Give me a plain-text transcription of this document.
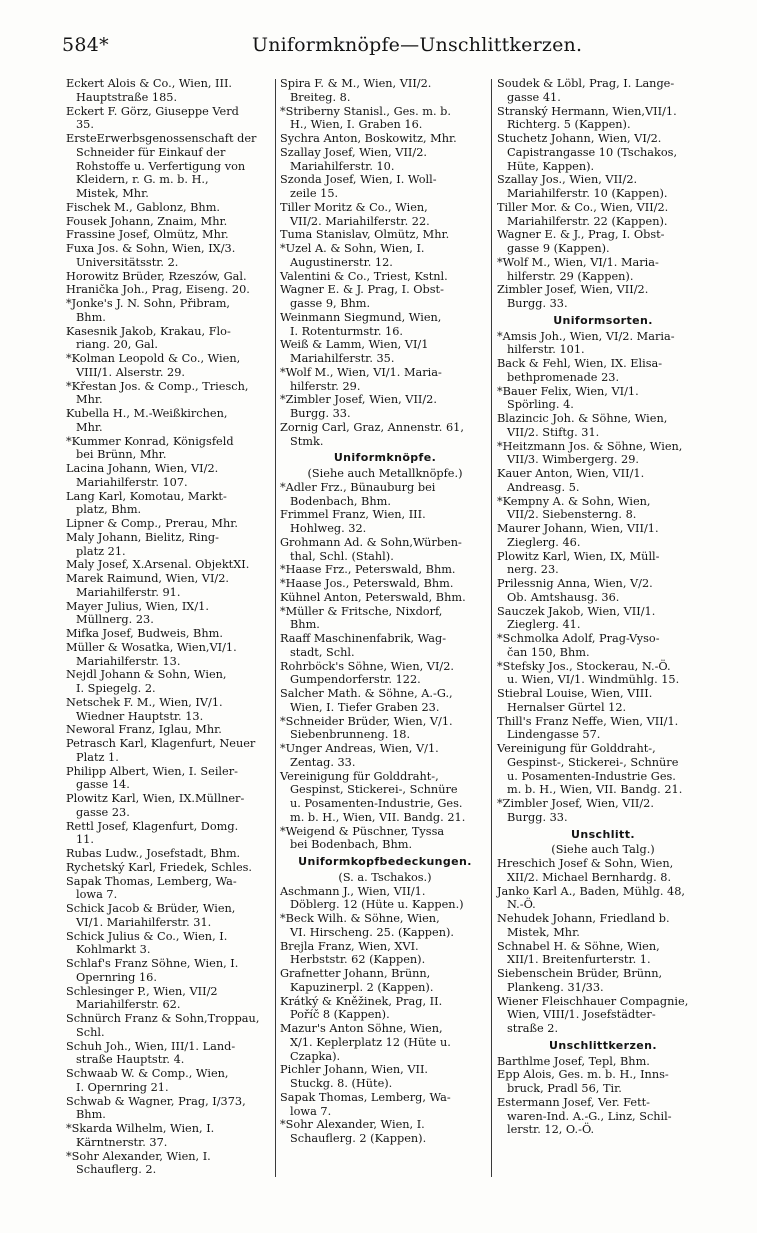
584*	Uniformknöpfe—Unschlittkerzen.
Eckert Alois & Co., Wien, III.
Hauptstraße 185.
Eckert F. Görz, Giuseppe Verd
35.
ErsteErwerbsgenossenschaft der
Schneider für Einkauf der
Rohstoffe u. Verfertigung von
Kleidern, r. G. m. b. H.,
Mistek, Mhr.
Fischek M., Gablonz, Bhm.
Fousek Johann, Znaim, Mhr.
Frassine Josef, Olmütz, Mhr.
Fuxa Jos. & Sohn, Wien, IX/3.
Universitätsstr. 2.
Horowitz Brüder, Rzeszów, Gal.
Hranička Joh., Prag, Eiseng. 20.
*Jonke's J. N. Sohn, Přibram,
Bhm.
Kasesnik Jakob, Krakau, Flo-
riang. 20, Gal.
*Kolman Leopold & Co., Wien,
VIII/1. Alserstr. 29.
*Křestan Jos. & Comp., Triesch,
Mhr.
Kubella H., M.-Weißkirchen,
Mhr.
*Kummer Konrad, Königsfeld
bei Brünn, Mhr.
Lacina Johann, Wien, VI/2.
Mariahilferstr. 107.
Lang Karl, Komotau, Markt-
platz, Bhm.
Lipner & Comp., Prerau, Mhr.
Maly Johann, Bielitz, Ring-
platz 21.
Maly Josef, X.Arsenal. ObjektXI.
Marek Raimund, Wien, VI/2.
Mariahilferstr. 91.
Mayer Julius, Wien, IX/1.
Müllnerg. 23.
Mifka Josef, Budweis, Bhm.
Müller & Wosatka, Wien,VI/1.
Mariahilferstr. 13.
Nejdl Johann & Sohn, Wien,
I. Spiegelg. 2.
Netschek F. M., Wien, IV/1.
Wiedner Hauptstr. 13.
Neworal Franz, Iglau, Mhr.
Petrasch Karl, Klagenfurt, Neuer
Platz 1.
Philipp Albert, Wien, I. Seiler-
gasse 14.
Plowitz Karl, Wien, IX.Müllner-
gasse 23.
Rettl Josef, Klagenfurt, Domg.
11.
Rubas Ludw., Josefstadt, Bhm.
Rychetský Karl, Friedek, Schles.
Sapak Thomas, Lemberg, Wa-
lowa 7.
Schick Jacob & Brüder, Wien,
VI/1. Mariahilferstr. 31.
Schick Julius & Co., Wien, I.
Kohlmarkt 3.
Schlaf's Franz Söhne, Wien, I.
Opernring 16.
Schlesinger P., Wien, VII/2
Mariahilferstr. 62.
Schnürch Franz & Sohn,Troppau,
Schl.
Schuh Joh., Wien, III/1. Land-
straße Hauptstr. 4.
Schwaab W. & Comp., Wien,
I. Opernring 21.
Schwab & Wagner, Prag, I/373,
Bhm.
*Skarda Wilhelm, Wien, I.
Kärntnerstr. 37.
*Sohr Alexander, Wien, I.
Schauflerg. 2.
Spira F. & M., Wien, VII/2.
Breiteg. 8.
*Striberny Stanisl., Ges. m. b.
H., Wien, I. Graben 16.
Sychra Anton, Boskowitz, Mhr.
Szallay Josef, Wien, VII/2.
Mariahilferstr. 10.
Szonda Josef, Wien, I. Woll-
zeile 15.
Tiller Moritz & Co., Wien,
VII/2. Mariahilferstr. 22.
Tuma Stanislav, Olmütz, Mhr.
*Uzel A. & Sohn, Wien, I.
Augustinerstr. 12.
Valentini & Co., Triest, Kstnl.
Wagner E. & J. Prag, I. Obst-
gasse 9, Bhm.
Weinmann Siegmund, Wien,
I. Rotenturmstr. 16.
Weiß & Lamm, Wien, VI/1
Mariahilferstr. 35.
*Wolf M., Wien, VI/1. Maria-
hilferstr. 29.
*Zimbler Josef, Wien, VII/2.
Burgg. 33.
Zornig Carl, Graz, Annenstr. 61,
Stmk.
Uniformknöpfe.
(Siehe auch Metallknöpfe.)
*Adler Frz., Bünauburg bei
Bodenbach, Bhm.
Frimmel Franz, Wien, III.
Hohlweg. 32.
Grohmann Ad. & Sohn,Würben-
thal, Schl. (Stahl).
*Haase Frz., Peterswald, Bhm.
*Haase Jos., Peterswald, Bhm.
Kühnel Anton, Peterswald, Bhm.
*Müller & Fritsche, Nixdorf,
Bhm.
Raaff Maschinenfabrik, Wag-
stadt, Schl.
Rohrböck's Söhne, Wien, VI/2.
Gumpendorferstr. 122.
Salcher Math. & Söhne, A.-G.,
Wien, I. Tiefer Graben 23.
*Schneider Brüder, Wien, V/1.
Siebenbrunneng. 18.
*Unger Andreas, Wien, V/1.
Zentag. 33.
Vereinigung für Golddraht-,
Gespinst, Stickerei-, Schnüre
u. Posamenten-Industrie, Ges.
m. b. H., Wien, VII. Bandg. 21.
*Weigend & Püschner, Tyssa
bei Bodenbach, Bhm.
Uniformkopfbedeckungen.
(S. a. Tschakos.)
Aschmann J., Wien, VII/1.
Döblerg. 12 (Hüte u. Kappen.)
*Beck Wilh. & Söhne, Wien,
VI. Hirscheng. 25. (Kappen).
Brejla Franz, Wien, XVI.
Herbststr. 62 (Kappen).
Grafnetter Johann, Brünn,
Kapuzinerpl. 2 (Kappen).
Krátký & Kněžinek, Prag, II.
Poříč 8 (Kappen).
Mazur's Anton Söhne, Wien,
X/1. Keplerplatz 12 (Hüte u.
Czapka).
Pichler Johann, Wien, VII.
Stuckg. 8. (Hüte).
Sapak Thomas, Lemberg, Wa-
lowa 7.
*Sohr Alexander, Wien, I.
Schauflerg. 2 (Kappen).
Soudek & Löbl, Prag, I. Lange-
gasse 41.
Stranský Hermann, Wien,VII/1.
Richterg. 5 (Kappen).
Stuchetz Johann, Wien, VI/2.
Capistrangasse 10 (Tschakos,
Hüte, Kappen).
Szallay Jos., Wien, VII/2.
Mariahilferstr. 10 (Kappen).
Tiller Mor. & Co., Wien, VII/2.
Mariahilferstr. 22 (Kappen).
Wagner E. & J., Prag, I. Obst-
gasse 9 (Kappen).
*Wolf M., Wien, VI/1. Maria-
hilferstr. 29 (Kappen).
Zimbler Josef, Wien, VII/2.
Burgg. 33.
Uniformsorten.
*Amsis Joh., Wien, VI/2. Maria-
hilferstr. 101.
Back & Fehl, Wien, IX. Elisa-
bethpromenade 23.
*Bauer Felix, Wien, VI/1.
Spörling. 4.
Blazincic Joh. & Söhne, Wien,
VII/2. Stiftg. 31.
*Heitzmann Jos. & Söhne, Wien,
VII/3. Wimbergerg. 29.
Kauer Anton, Wien, VII/1.
Andreasg. 5.
*Kempny A. & Sohn, Wien,
VII/2. Siebensterng. 8.
Maurer Johann, Wien, VII/1.
Zieglerg. 46.
Plowitz Karl, Wien, IX, Müll-
nerg. 23.
Prilessnig Anna, Wien, V/2.
Ob. Amtshausg. 36.
Sauczek Jakob, Wien, VII/1.
Zieglerg. 41.
*Schmolka Adolf, Prag-Vyso-
čan 150, Bhm.
*Stefsky Jos., Stockerau, N.-Ö.
u. Wien, VI/1. Windmühlg. 15.
Stiebral Louise, Wien, VIII.
Hernalser Gürtel 12.
Thill's Franz Neffe, Wien, VII/1.
Lindengasse 57.
Vereinigung für Golddraht-,
Gespinst-, Stickerei-, Schnüre
u. Posamenten-Industrie Ges.
m. b. H., Wien, VII. Bandg. 21.
*Zimbler Josef, Wien, VII/2.
Burgg. 33.
Unschlitt.
(Siehe auch Talg.)
Hreschich Josef & Sohn, Wien,
XII/2. Michael Bernhardg. 8.
Janko Karl A., Baden, Mühlg. 48,
N.-Ö.
Nehudek Johann, Friedland b.
Mistek, Mhr.
Schnabel H. & Söhne, Wien,
XII/1. Breitenfurterstr. 1.
Siebenschein Brüder, Brünn,
Plankeng. 31/33.
Wiener Fleischhauer Compagnie,
Wien, VIII/1. Josefstädter-
straße 2.
Unschlittkerzen.
Barthlme Josef, Tepl, Bhm.
Epp Alois, Ges. m. b. H., Inns-
bruck, Pradl 56, Tir.
Estermann Josef, Ver. Fett-
waren-Ind. A.-G., Linz, Schil-
lerstr. 12, O.-Ö.
